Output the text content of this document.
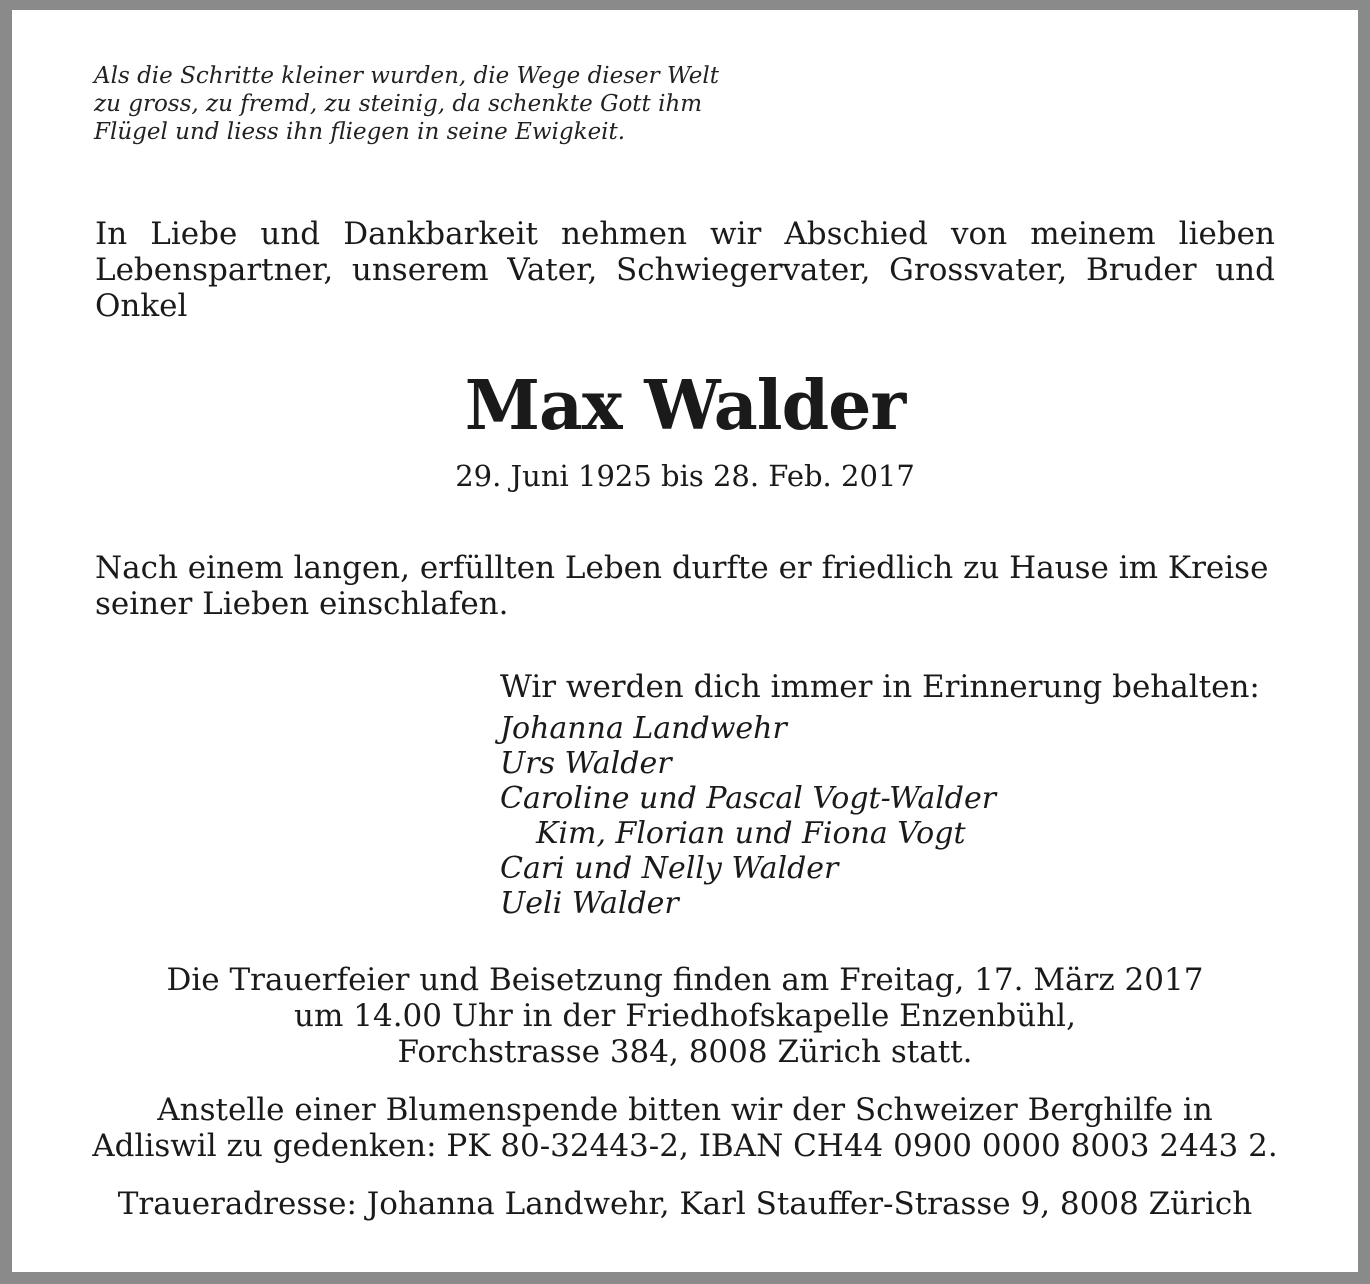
Als die Schritte kleiner wurden, die Wege dieser Welt
zu gross, zu fremd, zu steinig, da schenkte Gott ihm
Flügel und liess ihn fliegen in seine Ewigkeit.

In Liebe und Dankbarkeit nehmen wir Abschied von meinem lieben Lebenspartner, unserem Vater, Schwiegervater, Grossvater, Bruder und Onkel

Max Walder
29. Juni 1925 bis 28. Feb. 2017

Nach einem langen, erfüllten Leben durfte er friedlich zu Hause im Kreise seiner Lieben einschlafen.

Wir werden dich immer in Erinnerung behalten:
Johanna Landwehr
Urs Walder
Caroline und Pascal Vogt-Walder
Kim, Florian und Fiona Vogt
Cari und Nelly Walder
Ueli Walder
Die Trauerfeier und Beisetzung finden am Freitag, 17. März 2017
um 14.00 Uhr in der Friedhofskapelle Enzenbühl,
Forchstrasse 384, 8008 Zürich statt.
Anstelle einer Blumenspende bitten wir der Schweizer Berghilfe in
Adliswil zu gedenken: PK 80-32443-2, IBAN CH44 0900 0000 8003 2443 2.
Traueradresse: Johanna Landwehr, Karl Stauffer-Strasse 9, 8008 Zürich
